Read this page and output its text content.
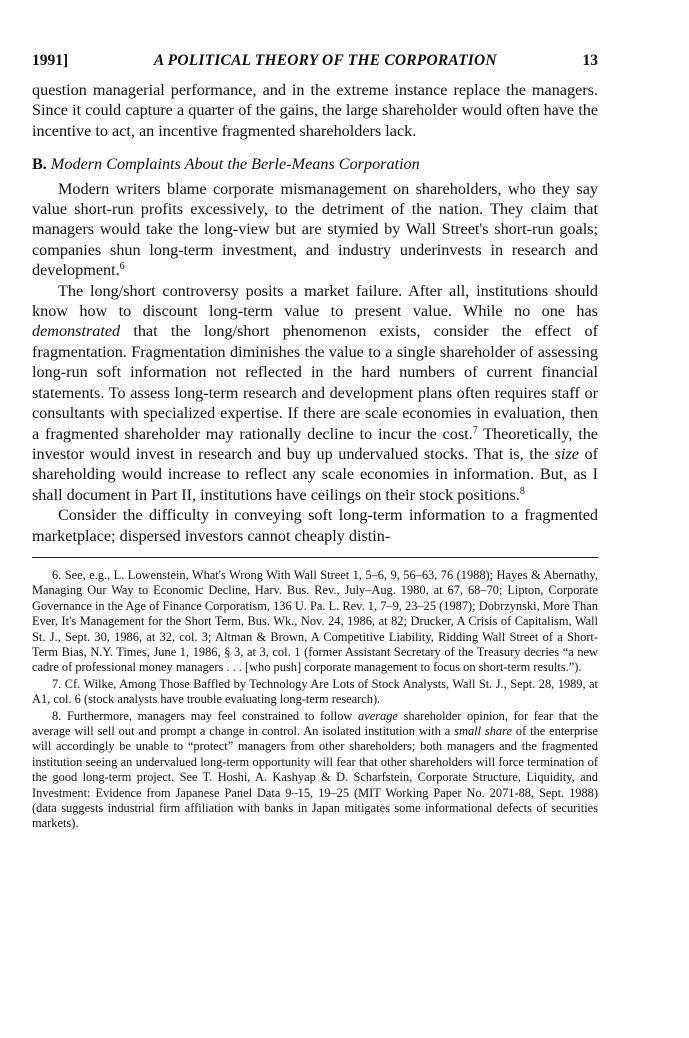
1991]	A POLITICAL THEORY OF THE CORPORATION	13

question managerial performance, and in the extreme instance replace the managers. Since it could capture a quarter of the gains, the large shareholder would often have the incentive to act, an incentive fragmented shareholders lack.

B. Modern Complaints About the Berle-Means Corporation

Modern writers blame corporate mismanagement on shareholders, who they say value short-run profits excessively, to the detriment of the nation. They claim that managers would take the long-view but are stymied by Wall Street's short-run goals; companies shun long-term investment, and industry underinvests in research and development.$^6$

The long/short controversy posits a market failure. After all, institutions should know how to discount long-term value to present value. While no one has demonstrated that the long/short phenomenon exists, consider the effect of fragmentation. Fragmentation diminishes the value to a single shareholder of assessing long-run soft information not reflected in the hard numbers of current financial statements. To assess long-term research and development plans often requires staff or consultants with specialized expertise. If there are scale economies in evaluation, then a fragmented shareholder may rationally decline to incur the cost.$^7$ Theoretically, the investor would invest in research and buy up undervalued stocks. That is, the size of shareholding would increase to reflect any scale economies in information. But, as I shall document in Part II, institutions have ceilings on their stock positions.$^8$

Consider the difficulty in conveying soft long-term information to a fragmented marketplace; dispersed investors cannot cheaply distin-

6. See, e.g., L. Lowenstein, What's Wrong With Wall Street 1, 5–6, 9, 56–63, 76 (1988); Hayes & Abernathy, Managing Our Way to Economic Decline, Harv. Bus. Rev., July–Aug. 1980, at 67, 68–70; Lipton, Corporate Governance in the Age of Finance Corporatism, 136 U. Pa. L. Rev. 1, 7–9, 23–25 (1987); Dobrzynski, More Than Ever, It's Management for the Short Term, Bus. Wk., Nov. 24, 1986, at 82; Drucker, A Crisis of Capitalism, Wall St. J., Sept. 30, 1986, at 32, col. 3; Altman & Brown, A Competitive Liability, Ridding Wall Street of a Short-Term Bias, N.Y. Times, June 1, 1986, § 3, at 3, col. 1 (former Assistant Secretary of the Treasury decries “a new cadre of professional money managers . . . [who push] corporate management to focus on short-term results.”).

7. Cf. Wilke, Among Those Baffled by Technology Are Lots of Stock Analysts, Wall St. J., Sept. 28, 1989, at A1, col. 6 (stock analysts have trouble evaluating long-term research).

8. Furthermore, managers may feel constrained to follow average shareholder opinion, for fear that the average will sell out and prompt a change in control. An isolated institution with a small share of the enterprise will accordingly be unable to “protect” managers from other shareholders; both managers and the fragmented institution seeing an undervalued long-term opportunity will fear that other shareholders will force termination of the good long-term project. See T. Hoshi, A. Kashyap & D. Scharfstein, Corporate Structure, Liquidity, and Investment: Evidence from Japanese Panel Data 9–15, 19–25 (MIT Working Paper No. 2071-88, Sept. 1988) (data suggests industrial firm affiliation with banks in Japan mitigates some informational defects of securities markets).
